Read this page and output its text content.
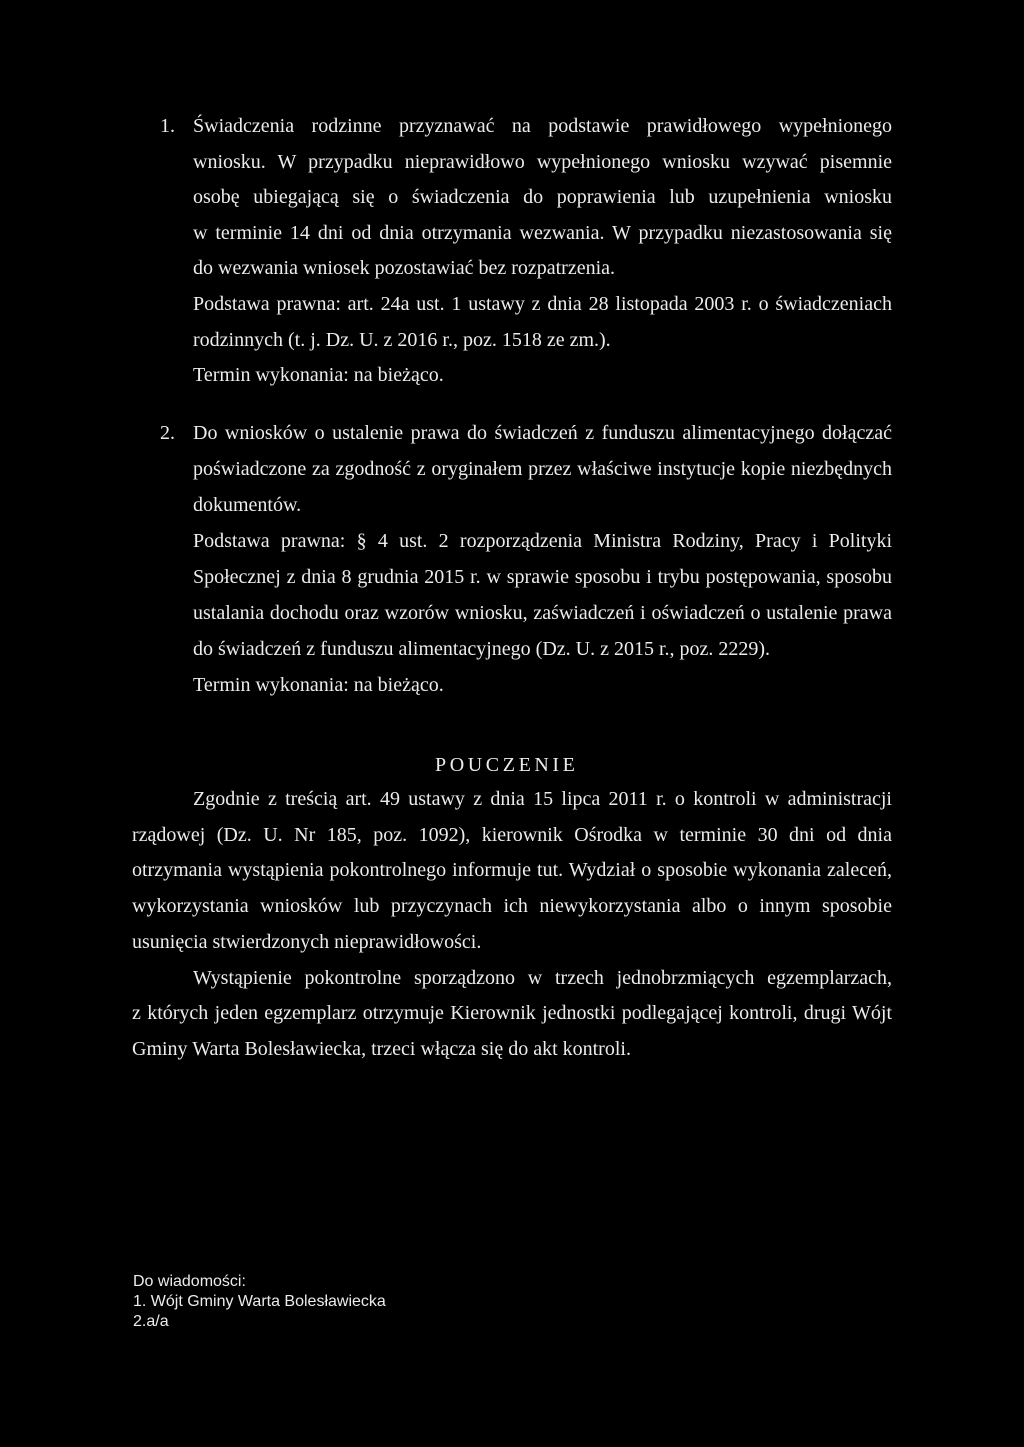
1. Świadczenia rodzinne przyznawać na podstawie prawidłowego wypełnionego
wniosku. W przypadku nieprawidłowo wypełnionego wniosku wzywać pisemnie
osobę ubiegającą się o świadczenia do poprawienia lub uzupełnienia wniosku
w terminie 14 dni od dnia otrzymania wezwania. W przypadku niezastosowania się
do wezwania wniosek pozostawiać bez rozpatrzenia.
Podstawa prawna: art. 24a ust. 1 ustawy z dnia 28 listopada 2003 r. o świadczeniach
rodzinnych (t. j. Dz. U. z 2016 r., poz. 1518 ze zm.).
Termin wykonania: na bieżąco.
2. Do wniosków o ustalenie prawa do świadczeń z funduszu alimentacyjnego dołączać
poświadczone za zgodność z oryginałem przez właściwe instytucje kopie niezbędnych
dokumentów.
Podstawa prawna: § 4 ust. 2 rozporządzenia Ministra Rodziny, Pracy i Polityki
Społecznej z dnia 8 grudnia 2015 r. w sprawie sposobu i trybu postępowania, sposobu
ustalania dochodu oraz wzorów wniosku, zaświadczeń i oświadczeń o ustalenie prawa
do świadczeń z funduszu alimentacyjnego (Dz. U. z 2015 r., poz. 2229).
Termin wykonania: na bieżąco.
POUCZENIE
Zgodnie z treścią art. 49 ustawy z dnia 15 lipca 2011 r. o kontroli w administracji
rządowej (Dz. U. Nr 185, poz. 1092), kierownik Ośrodka w terminie 30 dni od dnia
otrzymania wystąpienia pokontrolnego informuje tut. Wydział o sposobie wykonania zaleceń,
wykorzystania wniosków lub przyczynach ich niewykorzystania albo o innym sposobie
usunięcia stwierdzonych nieprawidłowości.
Wystąpienie pokontrolne sporządzono w trzech jednobrzmiących egzemplarzach,
z których jeden egzemplarz otrzymuje Kierownik jednostki podlegającej kontroli, drugi Wójt
Gminy Warta Bolesławiecka, trzeci włącza się do akt kontroli.
Do wiadomości:
1. Wójt Gminy Warta Bolesławiecka
2.a/a
